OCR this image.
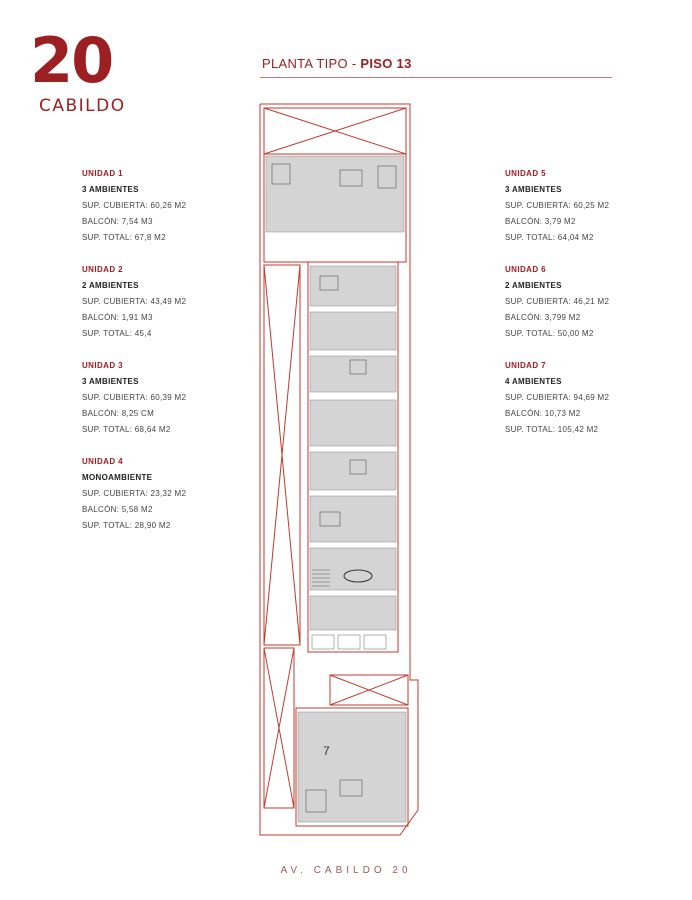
20
CABILDO
PLANTA TIPO - PISO 13
UNIDAD 1
3 AMBIENTES
SUP. CUBIERTA: 60,26 M2
BALCÓN: 7,54 M3
SUP. TOTAL: 67,8 M2
UNIDAD 2
2 AMBIENTES
SUP. CUBIERTA: 43,49 M2
BALCÓN: 1,91 M3
SUP. TOTAL: 45,4
UNIDAD 3
3 AMBIENTES
SUP. CUBIERTA: 60,39 M2
BALCÓN: 8,25 CM
SUP. TOTAL: 68,64 M2
UNIDAD 4
MONOAMBIENTE
SUP. CUBIERTA: 23,32 M2
BALCÓN: 5,58 M2
SUP. TOTAL: 28,90 M2
UNIDAD 5
3 AMBIENTES
SUP. CUBIERTA: 60,25 M2
BALCÓN: 3,79 M2
SUP. TOTAL: 64,04 M2
UNIDAD 6
2 AMBIENTES
SUP. CUBIERTA: 46,21 M2
BALCÓN: 3,799 M2
SUP. TOTAL: 50,00 M2
UNIDAD 7
4 AMBIENTES
SUP. CUBIERTA: 94,69 M2
BALCÓN: 10,73 M2
SUP. TOTAL: 105,42 M2
7
AV. CABILDO 20
